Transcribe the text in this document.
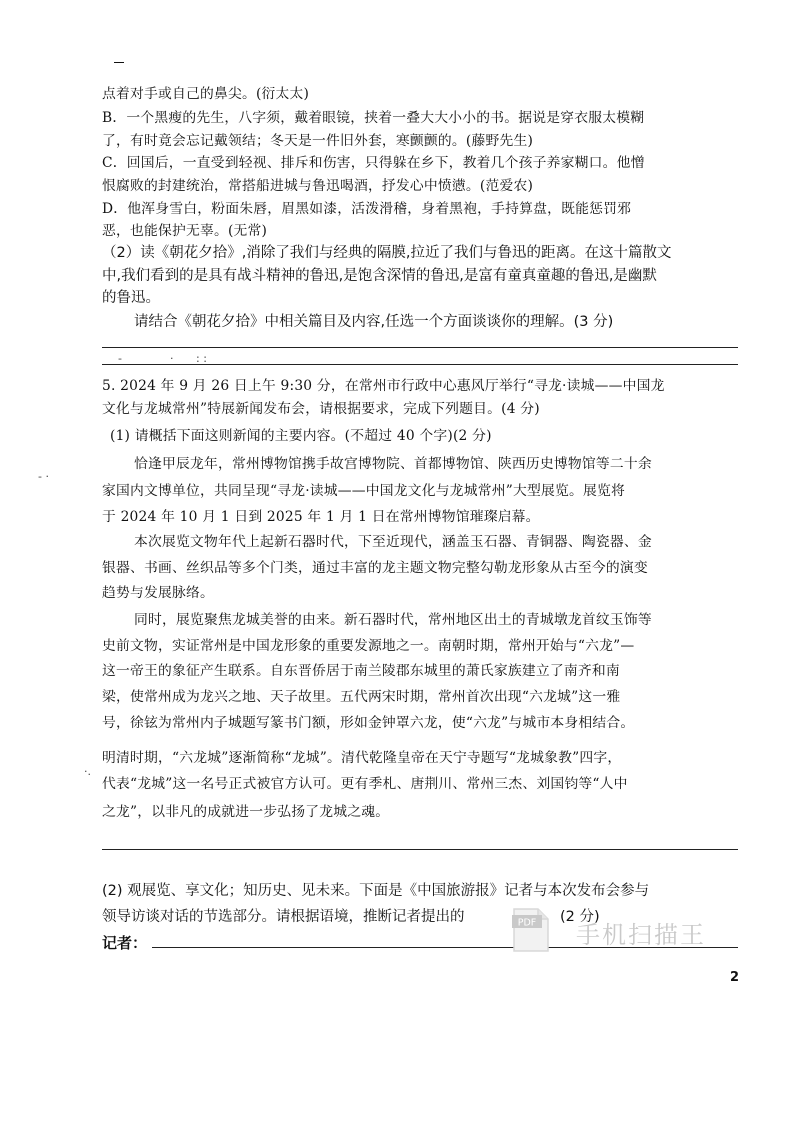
点着对手或自己的鼻尖。(衍太太)
B．一个黑瘦的先生，八字须，戴着眼镜，挟着一叠大大小小的书。据说是穿衣服太模糊
了，有时竟会忘记戴领结；冬天是一件旧外套，寒颤颤的。(藤野先生)
C．回国后，一直受到轻视、排斥和伤害，只得躲在乡下，教着几个孩子养家糊口。他憎
恨腐败的封建统治，常搭船进城与鲁迅喝酒，抒发心中愤懑。(范爱农)
D．他浑身雪白，粉面朱唇，眉黑如漆，活泼滑稽，身着黑袍，手持算盘，既能惩罚邪
恶，也能保护无辜。(无常)
（2）读《朝花夕拾》,消除了我们与经典的隔膜,拉近了我们与鲁迅的距离。在这十篇散文
中,我们看到的是具有战斗精神的鲁迅,是饱含深情的鲁迅,是富有童真童趣的鲁迅,是幽默
的鲁迅。
请结合《朝花夕拾》中相关篇目及内容,任选一个方面谈谈你的理解。(3 分)
-	· : :
5. 2024 年 9 月 26 日上午 9:30 分，在常州市行政中心惠风厅举行“寻龙·读城——中国龙
文化与龙城常州”特展新闻发布会，请根据要求，完成下列题目。(4 分)
(1) 请概括下面这则新闻的主要内容。(不超过 40 个字)(2 分)
- ·
恰逢甲辰龙年，常州博物馆携手故宫博物院、首都博物馆、陕西历史博物馆等二十余
家国内文博单位，共同呈现“寻龙·读城——中国龙文化与龙城常州”大型展览。展览将
于 2024 年 10 月 1 日到 2025 年 1 月 1 日在常州博物馆璀璨启幕。
本次展览文物年代上起新石器时代，下至近现代，涵盖玉石器、青铜器、陶瓷器、金
银器、书画、丝织品等多个门类，通过丰富的龙主题文物完整勾勒龙形象从古至今的演变
趋势与发展脉络。
同时，展览聚焦龙城美誉的由来。新石器时代，常州地区出土的青城墩龙首纹玉饰等
史前文物，实证常州是中国龙形象的重要发源地之一。南朝时期，常州开始与“六龙”—
这一帝王的象征产生联系。自东晋侨居于南兰陵郡东城里的萧氏家族建立了南齐和南
梁，使常州成为龙兴之地、天子故里。五代两宋时期，常州首次出现“六龙城”这一雅
号，徐铉为常州内子城题写篆书门额，形如金钟罩六龙，使“六龙”与城市本身相结合。
明清时期，“六龙城”逐渐简称“龙城”。清代乾隆皇帝在天宁寺题写“龙城象教”四字，
代表“龙城”这一名号正式被官方认可。更有季札、唐荆川、常州三杰、刘国钧等“人中
之龙”，以非凡的成就进一步弘扬了龙城之魂。
·.
(2) 观展览、享文化；知历史、见未来。下面是《中国旅游报》记者与本次发布会参与
领导访谈对话的节选部分。请根据语境，推断记者提出的	(2 分)
记者：
PDF 手机扫描王
2
